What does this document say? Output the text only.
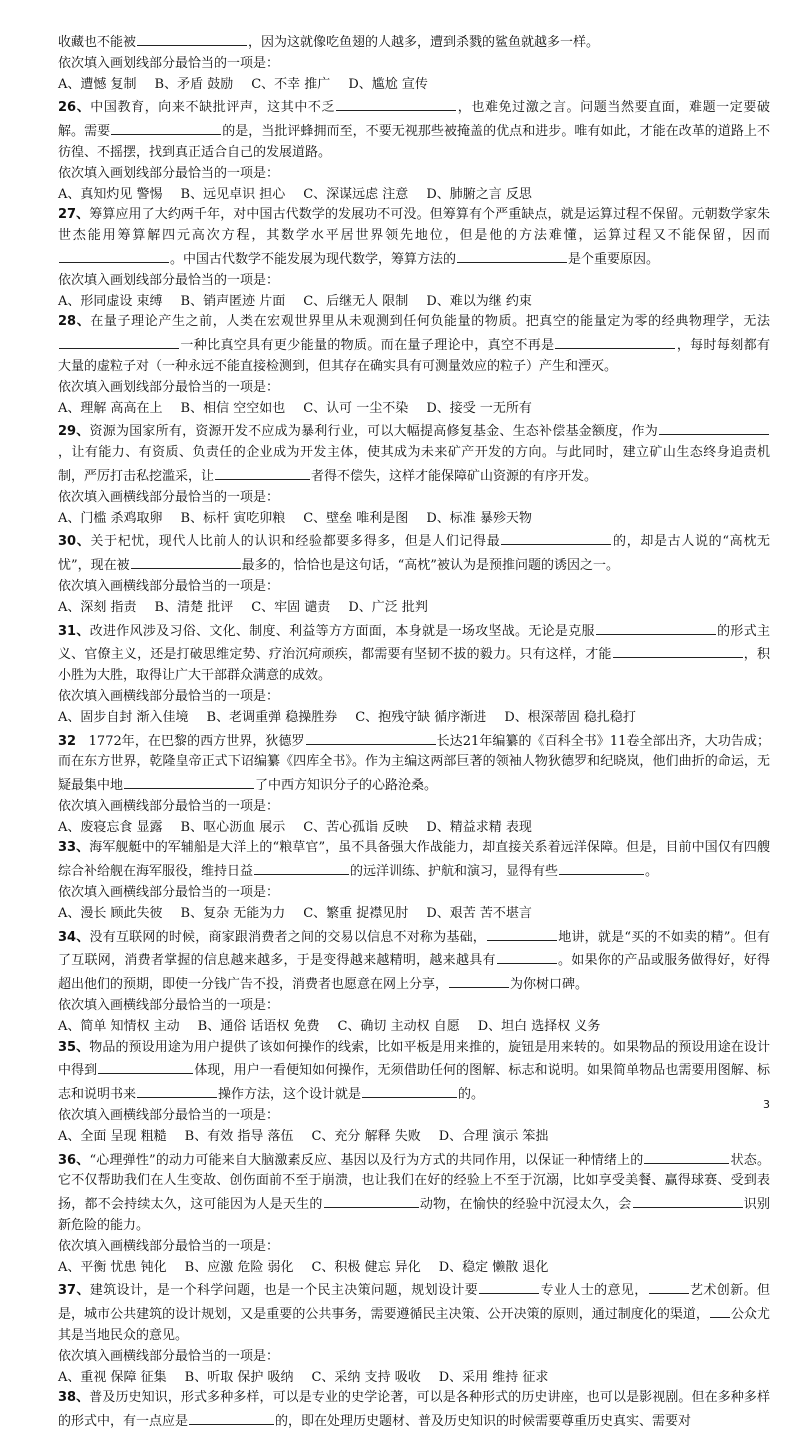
收藏也不能被	，因为这就像吃鱼翅的人越多，遭到杀戮的鲨鱼就越多一样。
依次填入画划线部分最恰当的一项是：
A、遭憾 复制 B、矛盾 鼓励 C、不幸 推广 D、尴尬 宣传
26、中国教育，向来不缺批评声，这其中不乏	，也难免过激之言。问题当然要直面，难题一定要破解。需要	的是，当批评蜂拥而至，不要无视那些被掩盖的优点和进步。唯有如此，才能在改革的道路上不彷徨、不摇摆，找到真正适合自己的发展道路。
依次填入画划线部分最恰当的一项是：
A、真知灼见 警惕 B、远见卓识 担心 C、深谋远虑 注意 D、肺腑之言 反思
27、筹算应用了大约两千年，对中国古代数学的发展功不可没。但筹算有个严重缺点，就是运算过程不保留。元朝数学家朱世杰能用筹算解四元高次方程，其数学水平居世界领先地位，但是他的方法难懂，运算过程又不能保留，因而。中国古代数学不能发展为现代数学，筹算方法的	是个重要原因。
依次填入画划线部分最恰当的一项是：
A、形同虚设 束缚 B、销声匿迹 片面 C、后继无人 限制 D、难以为继 约束
28、在量子理论产生之前，人类在宏观世界里从未观测到任何负能量的物质。把真空的能量定为零的经典物理学，无法一种比真空具有更少能量的物质。而在量子理论中，真空不再是	，每时每刻都有大量的虚粒子对（一种永远不能直接检测到，但其存在确实具有可测量效应的粒子）产生和湮灭。
依次填入画划线部分最恰当的一项是：
A、理解 高高在上 B、相信 空空如也 C、认可 一尘不染 D、接受 一无所有
29、资源为国家所有，资源开发不应成为暴利行业，可以大幅提高修复基金、生态补偿基金额度，作为，让有能力、有资质、负责任的企业成为开发主体，使其成为未来矿产开发的方向。与此同时，建立矿山生态终身追责机制，严厉打击私挖滥采，让	者得不偿失，这样才能保障矿山资源的有序开发。
依次填入画横线部分最恰当的一项是：
A、门槛 杀鸡取卵 B、标杆 寅吃卯粮 C、壁垒 唯利是图 D、标准 暴殄天物
30、关于杞忧，现代人比前人的认识和经验都要多得多，但是人们记得最	的，却是古人说的“高枕无忧”，现在被	最多的，恰恰也是这句话，“高枕”被认为是预推问题的诱因之一。
依次填入画横线部分最恰当的一项是：
A、深刻 指责 B、清楚 批评 C、牢固 谴责 D、广泛 批判
31、改进作风涉及习俗、文化、制度、利益等方方面面，本身就是一场攻坚战。无论是克服	的形式主义、官僚主义，还是打破思维定势、疗治沉疴顽疾，都需要有坚韧不拔的毅力。只有这样，才能	，积小胜为大胜，取得让广大干部群众满意的成效。
依次填入画横线部分最恰当的一项是：
A、固步自封 渐入佳境 B、老调重弹 稳操胜券 C、抱残守缺 循序渐进 D、根深蒂固 稳扎稳打
32 1772年，在巴黎的西方世界，狄德罗	长达21年编纂的《百科全书》11卷全部出齐，大功告成；而在东方世界，乾隆皇帝正式下诏编纂《四库全书》。作为主编这两部巨著的领袖人物狄德罗和纪晓岚，他们曲折的命运，无疑最集中地	了中西方知识分子的心路沧桑。
依次填入画横线部分最恰当的一项是：
A、废寝忘食 显露 B、呕心沥血 展示 C、苦心孤诣 反映 D、精益求精 表现
33、海军舰艇中的军辅船是大洋上的“粮草官”，虽不具备强大作战能力，却直接关系着远洋保障。但是，目前中国仅有四艘综合补给舰在海军服役，维持日益	的远洋训练、护航和演习，显得有些	。
依次填入画横线部分最恰当的一项是：
A、漫长 顾此失彼 B、复杂 无能为力 C、繁重 捉襟见肘 D、艰苦 苦不堪言
34、没有互联网的时候，商家跟消费者之间的交易以信息不对称为基础，	地讲，就是“买的不如卖的精”。但有了互联网，消费者掌握的信息越来越多，于是变得越来越精明，越来越具有	。如果你的产品或服务做得好，好得超出他们的预期，即使一分钱广告不投，消费者也愿意在网上分享，	为你树口碑。
依次填入画横线部分最恰当的一项是：
A、简单 知情权 主动 B、通俗 话语权 免费 C、确切 主动权 自愿 D、坦白 选择权 义务
35、物品的预设用途为用户提供了该如何操作的线索，比如平板是用来推的，旋钮是用来转的。如果物品的预设用途在设计中得到	体现，用户一看便知如何操作，无须借助任何的图解、标志和说明。如果简单物品也需要用图解、标志和说明书来	操作方法，这个设计就是	的。
依次填入画横线部分最恰当的一项是：
A、全面 呈现 粗糙 B、有效 指导 落伍 C、充分 解释 失败 D、合理 演示 笨拙
36、“心理弹性”的动力可能来自大脑激素反应、基因以及行为方式的共同作用，以保证一种情绪上的	状态。它不仅帮助我们在人生变故、创伤面前不至于崩溃，也让我们在好的经验上不至于沉溺，比如享受美餐、赢得球赛、受到表扬，都不会持续太久，这可能因为人是天生的	动物，在愉快的经验中沉浸太久，会	识别新危险的能力。
依次填入画横线部分最恰当的一项是：
A、平衡 忧患 钝化 B、应激 危险 弱化 C、积极 健忘 异化 D、稳定 懒散 退化
37、建筑设计，是一个科学问题，也是一个民主决策问题，规划设计要	专业人士的意见，	艺术创新。但是，城市公共建筑的设计规划，又是重要的公共事务，需要遵循民主决策、公开决策的原则，通过制度化的渠道， 公众尤其是当地民众的意见。
依次填入画横线部分最恰当的一项是：
A、重视 保障 征集 B、听取 保护 吸纳 C、采纳 支持 吸收 D、采用 维持 征求
38、普及历史知识，形式多种多样，可以是专业的史学论著，可以是各种形式的历史讲座，也可以是影视剧。但在多种多样的形式中，有一点应是	的，即在处理历史题材、普及历史知识的时候需要尊重历史真实、需要对
3
